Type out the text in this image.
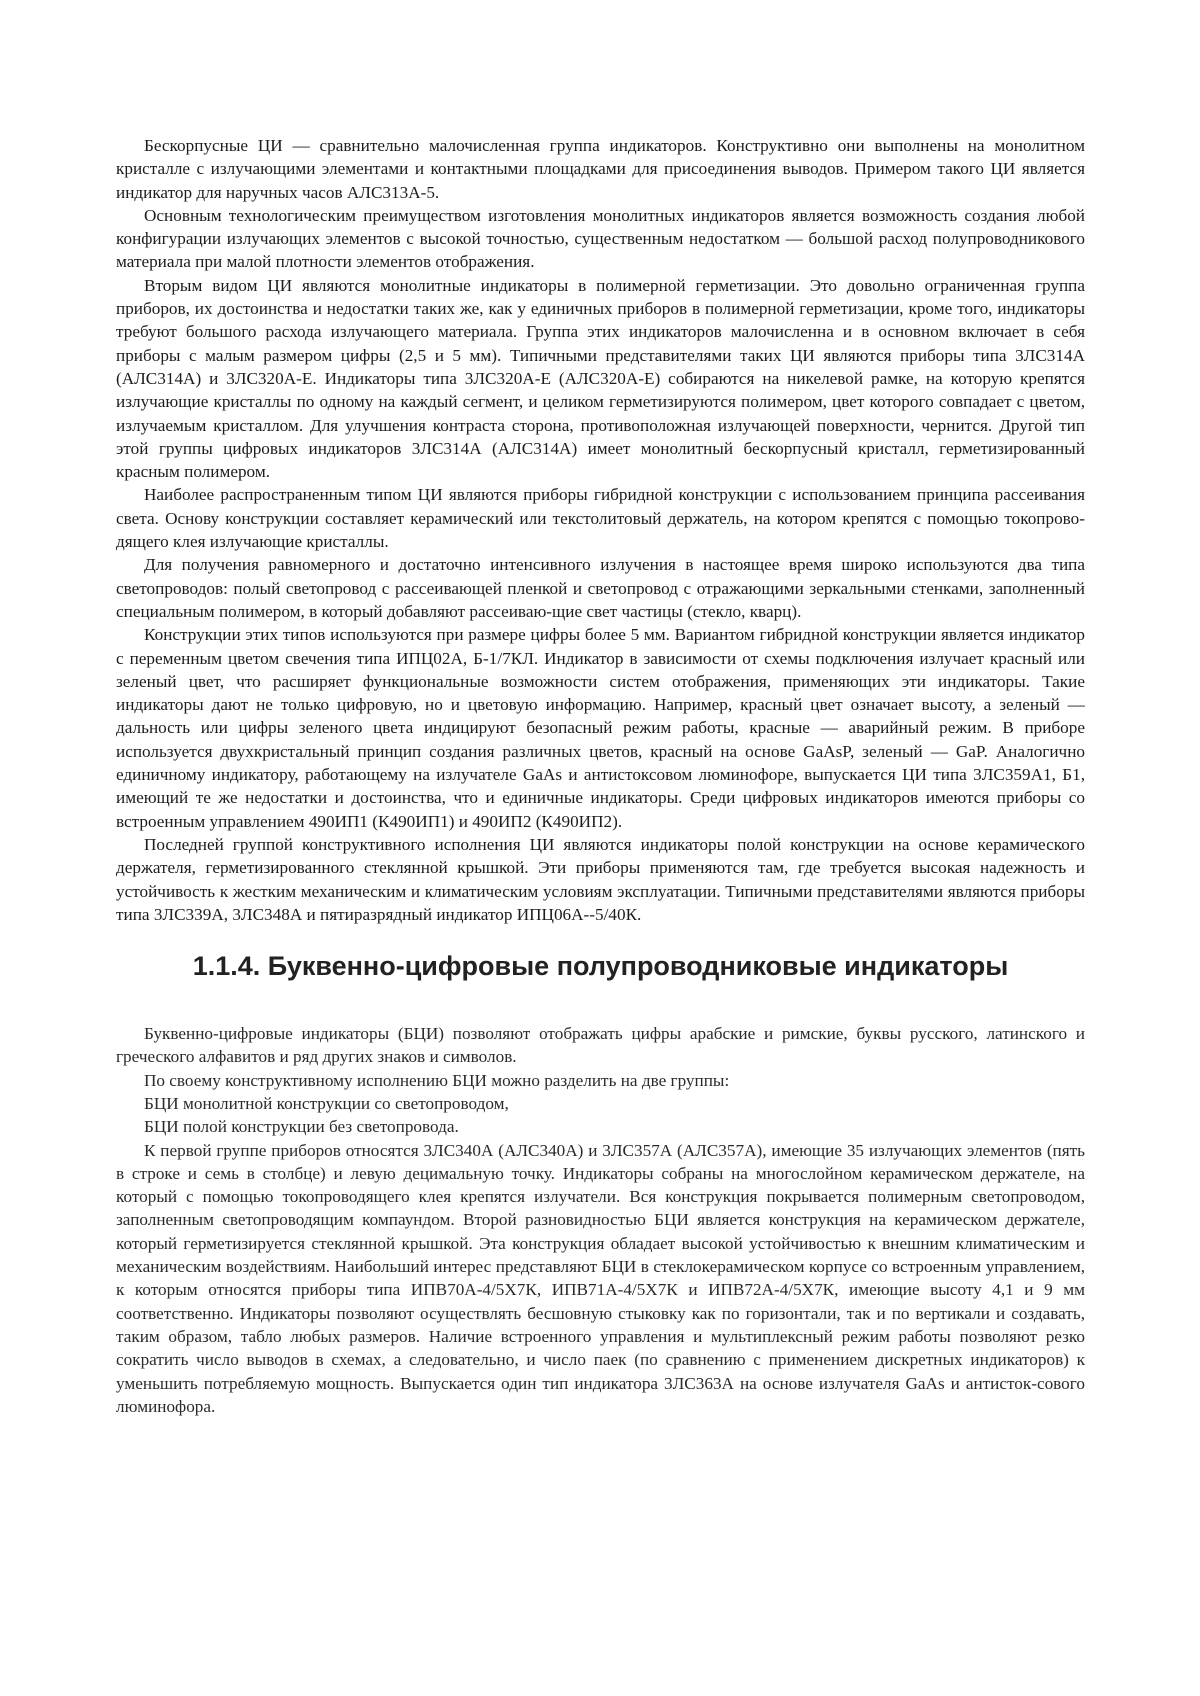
Бескорпусные ЦИ — сравнительно малочисленная группа индикаторов. Конструктивно они выполнены на монолитном кристалле с излучающими элементами и контактными площадками для присоединения выводов. Примером такого ЦИ является индикатор для наручных часов АЛС313А-5.

Основным технологическим преимуществом изготовления монолитных индикаторов является возможность создания любой конфигурации излучающих элементов с высокой точностью, существенным недостатком — большой расход полупроводникового материала при малой плотности элементов отображения.

Вторым видом ЦИ являются монолитные индикаторы в полимерной герметизации. Это довольно ограниченная группа приборов, их достоинства и недостатки таких же, как у единичных приборов в полимерной герметизации, кроме того, индикаторы требуют большого расхода излучающего материала. Группа этих индикаторов малочисленна и в основном включает в себя приборы с малым размером цифры (2,5 и 5 мм). Типичными представителями таких ЦИ являются приборы типа 3ЛС314А (АЛС314А) и 3ЛС320А-Е. Индикаторы типа 3ЛС320А-Е (АЛС320А-Е) собираются на никелевой рамке, на которую крепятся излучающие кристаллы по одному на каждый сегмент, и целиком герметизируются полимером, цвет которого совпадает с цветом, излучаемым кристаллом. Для улучшения контраста сторона, противоположная излучающей поверхности, чернится. Другой тип этой группы цифровых индикаторов 3ЛС314А (АЛС314А) имеет монолитный бескорпусный кристалл, герметизированный красным полимером.

Наиболее распространенным типом ЦИ являются приборы гибридной конструкции с использованием принципа рассеивания света. Основу конструкции составляет керамический или текстолитовый держатель, на котором крепятся с помощью токопрово-дящего клея излучающие кристаллы.

Для получения равномерного и достаточно интенсивного излучения в настоящее время широко используются два типа светопроводов: полый светопровод с рассеивающей пленкой и светопровод с отражающими зеркальными стенками, заполненный специальным полимером, в который добавляют рассеиваю-щие свет частицы (стекло, кварц).

Конструкции этих типов используются при размере цифры более 5 мм. Вариантом гибридной конструкции является индикатор с переменным цветом свечения типа ИПЦ02А, Б-1/7КЛ. Индикатор в зависимости от схемы подключения излучает красный или зеленый цвет, что расширяет функциональные возможности систем отображения, применяющих эти индикаторы. Такие индикаторы дают не только цифровую, но и цветовую информацию. Например, красный цвет означает высоту, а зеленый — дальность или цифры зеленого цвета индицируют безопасный режим работы, красные — аварийный режим. В приборе используется двухкристальный принцип создания различных цветов, красный на основе GaAsP, зеленый — GaP. Аналогично единичному индикатору, работающему на излучателе GaAs и антистоксовом люминофоре, выпускается ЦИ типа 3ЛС359А1, Б1, имеющий те же недостатки и достоинства, что и единичные индикаторы. Среди цифровых индикаторов имеются приборы со встроенным управлением 490ИП1 (К490ИП1) и 490ИП2 (К490ИП2).

Последней группой конструктивного исполнения ЦИ являются индикаторы полой конструкции на основе керамического держателя, герметизированного стеклянной крышкой. Эти приборы применяются там, где требуется высокая надежность и устойчивость к жестким механическим и климатическим условиям эксплуатации. Типичными представителями являются приборы типа 3ЛС339А, 3ЛС348А и пятиразрядный индикатор ИПЦ06А--5/40К.

1.1.4. Буквенно-цифровые полупроводниковые индикаторы

Буквенно-цифровые индикаторы (БЦИ) позволяют отображать цифры арабские и римские, буквы русского, латинского и греческого алфавитов и ряд других знаков и символов.

По своему конструктивному исполнению БЦИ можно разделить на две группы:

БЦИ монолитной конструкции со светопроводом,

БЦИ полой конструкции без светопровода.

К первой группе приборов относятся 3ЛС340А (АЛС340А) и 3ЛС357А (АЛС357А), имеющие 35 излучающих элементов (пять в строке и семь в столбце) и левую децимальную точку. Индикаторы собраны на многослойном керамическом держателе, на который с помощью токопроводящего клея крепятся излучатели. Вся конструкция покрывается полимерным светопроводом, заполненным светопроводящим компаундом. Второй разновидностью БЦИ является конструкция на керамическом держателе, который герметизируется стеклянной крышкой. Эта конструкция обладает высокой устойчивостью к внешним климатическим и механическим воздействиям. Наибольший интерес представляют БЦИ в стеклокерамическом корпусе со встроенным управлением, к которым относятся приборы типа ИПВ70А-4/5Х7К, ИПВ71А-4/5Х7К и ИПВ72А-4/5Х7К, имеющие высоту 4,1 и 9 мм соответственно. Индикаторы позволяют осуществлять бесшовную стыковку как по горизонтали, так и по вертикали и создавать, таким образом, табло любых размеров. Наличие встроенного управления и мультиплексный режим работы позволяют резко сократить число выводов в схемах, а следовательно, и число паек (по сравнению с применением дискретных индикаторов) к уменьшить потребляемую мощность. Выпускается один тип индикатора 3ЛС363А на основе излучателя GaAs и антисток-сового люминофора.
